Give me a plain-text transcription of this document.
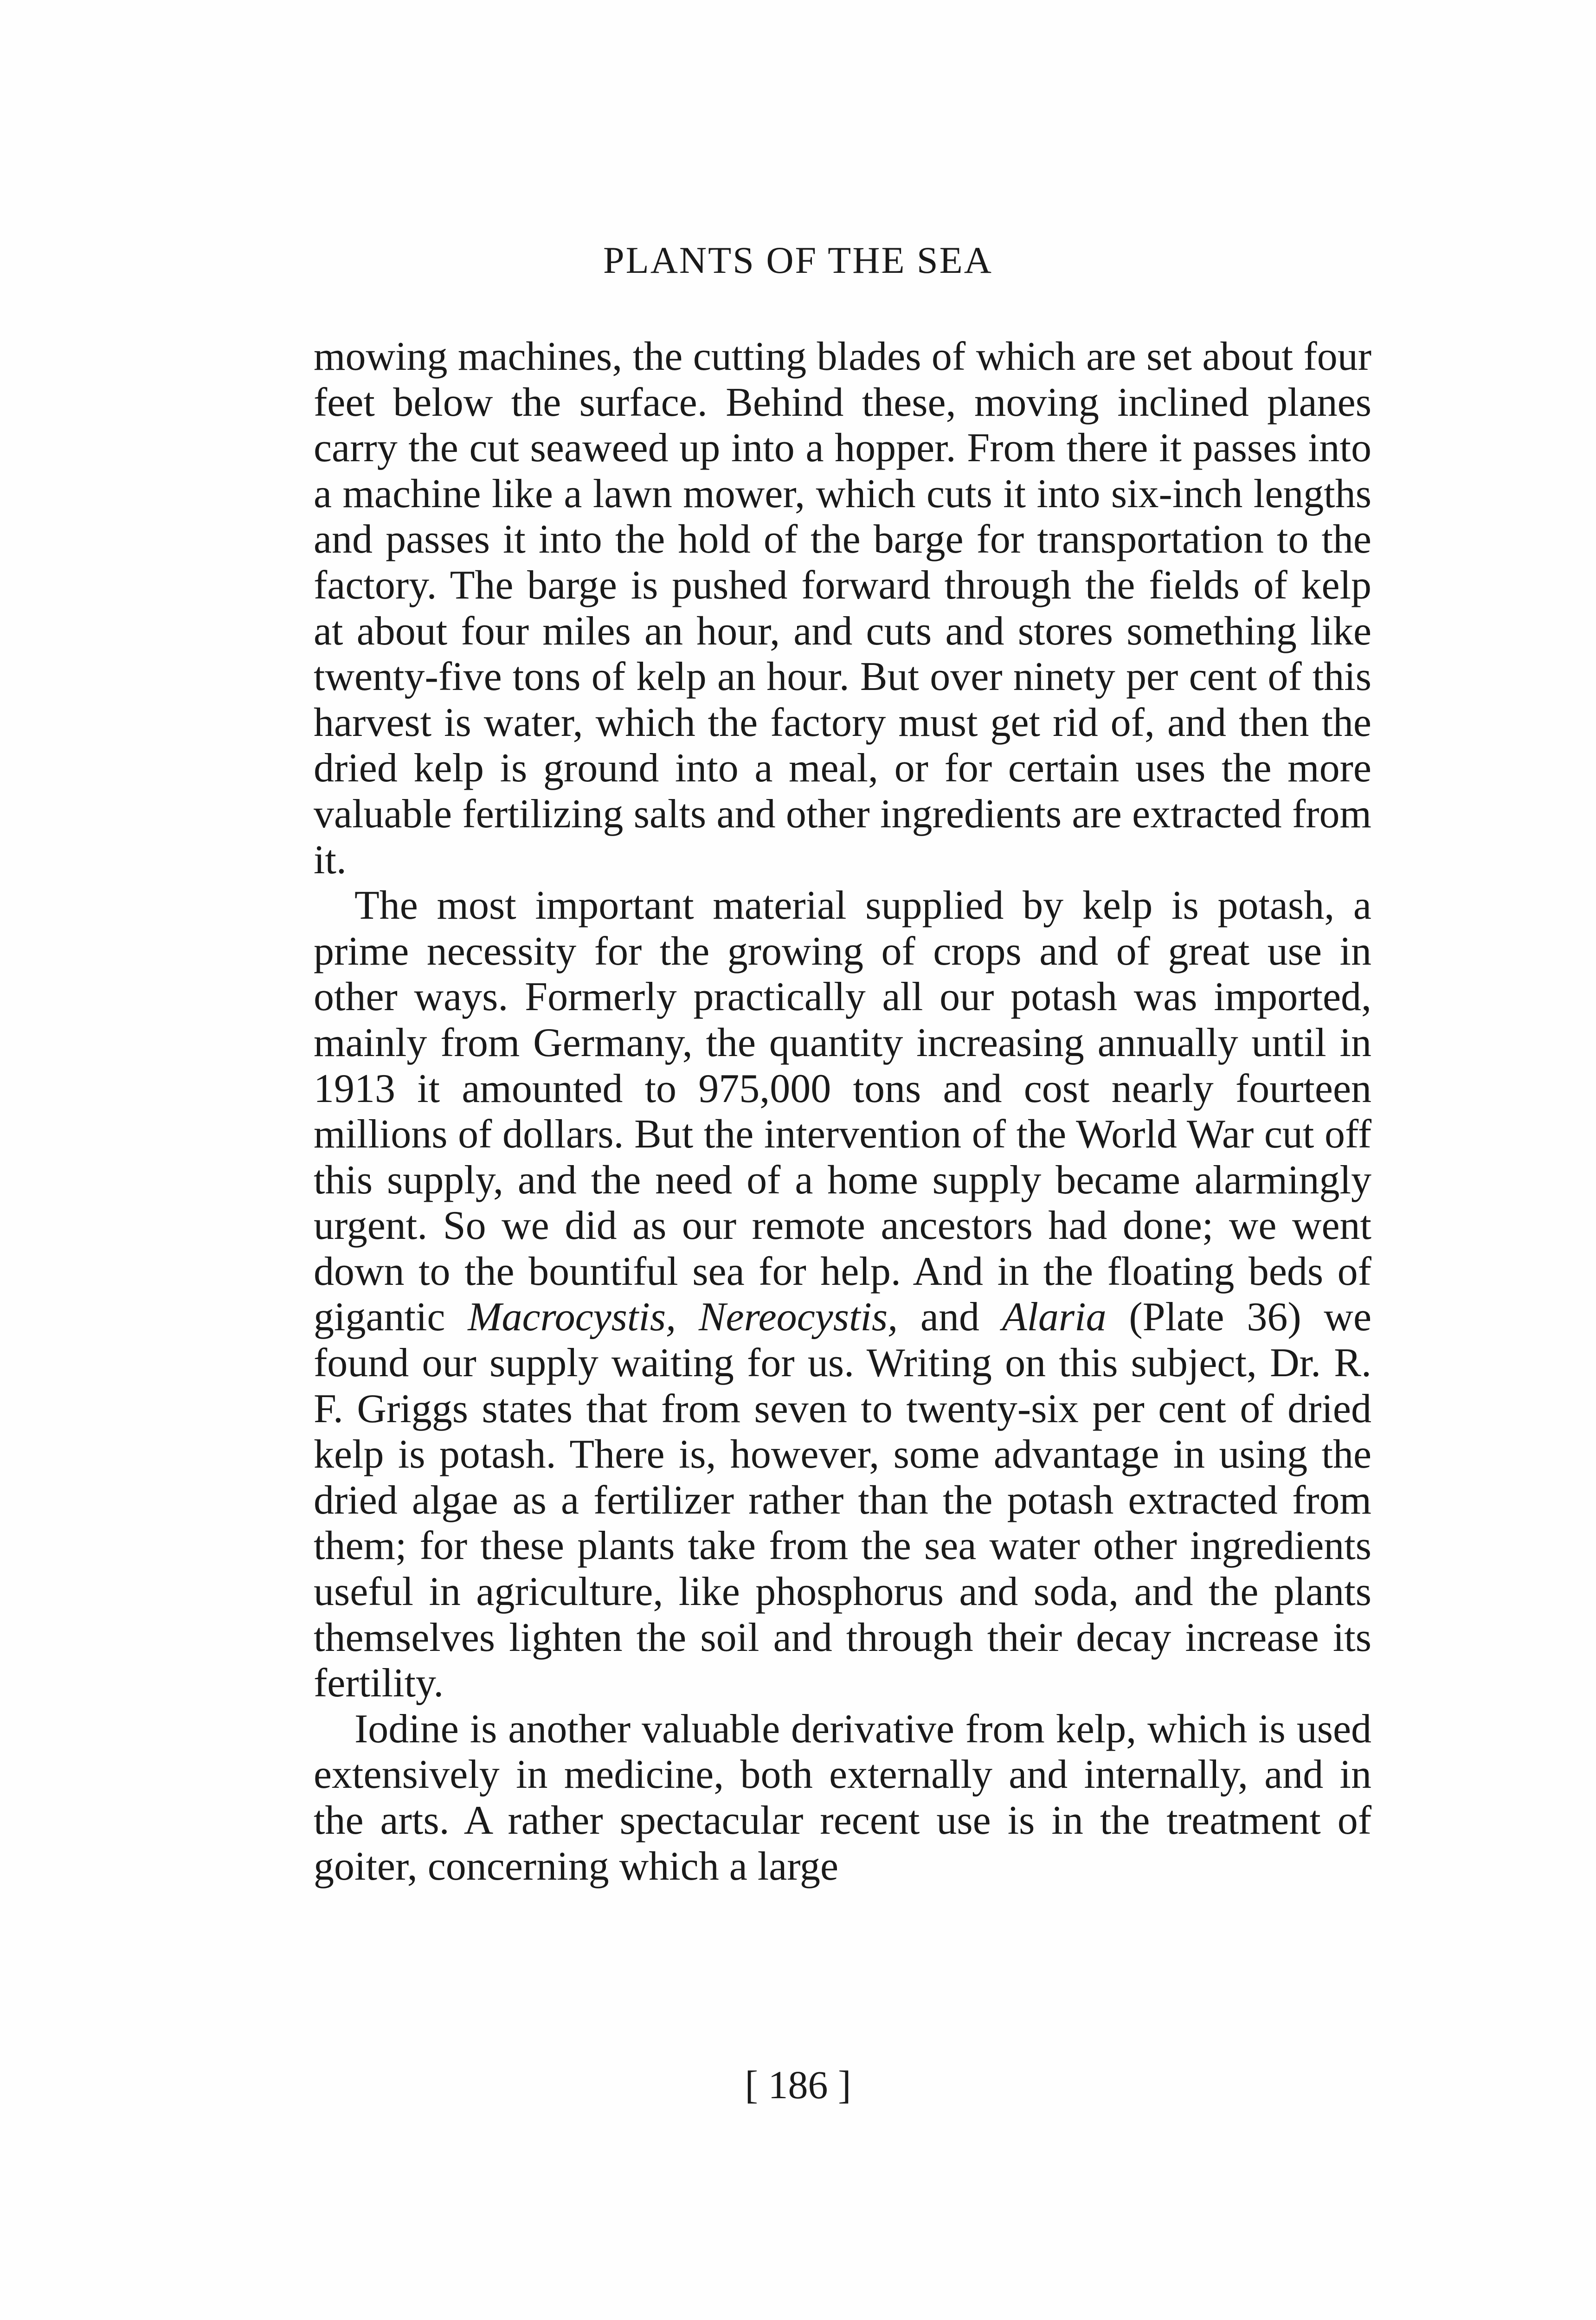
PLANTS OF THE SEA

mowing machines, the cutting blades of which are set about four feet below the surface. Behind these, moving inclined planes carry the cut seaweed up into a hopper. From there it passes into a machine like a lawn mower, which cuts it into six-inch lengths and passes it into the hold of the barge for transportation to the factory. The barge is pushed forward through the fields of kelp at about four miles an hour, and cuts and stores something like twenty-five tons of kelp an hour. But over ninety per cent of this harvest is water, which the factory must get rid of, and then the dried kelp is ground into a meal, or for certain uses the more valuable fertilizing salts and other ingredients are extracted from it.

The most important material supplied by kelp is potash, a prime necessity for the growing of crops and of great use in other ways. Formerly practically all our potash was imported, mainly from Germany, the quantity increasing annually until in 1913 it amounted to 975,000 tons and cost nearly fourteen millions of dollars. But the intervention of the World War cut off this supply, and the need of a home supply became alarmingly urgent. So we did as our remote ancestors had done; we went down to the bountiful sea for help. And in the floating beds of gigantic Macrocystis, Nereocystis, and Alaria (Plate 36) we found our supply waiting for us. Writing on this subject, Dr. R. F. Griggs states that from seven to twenty-six per cent of dried kelp is potash. There is, however, some advantage in using the dried algae as a fertilizer rather than the potash extracted from them; for these plants take from the sea water other ingredients useful in agriculture, like phosphorus and soda, and the plants themselves lighten the soil and through their decay increase its fertility.

Iodine is another valuable derivative from kelp, which is used extensively in medicine, both externally and internally, and in the arts. A rather spectacular recent use is in the treatment of goiter, concerning which a large

[ 186 ]
